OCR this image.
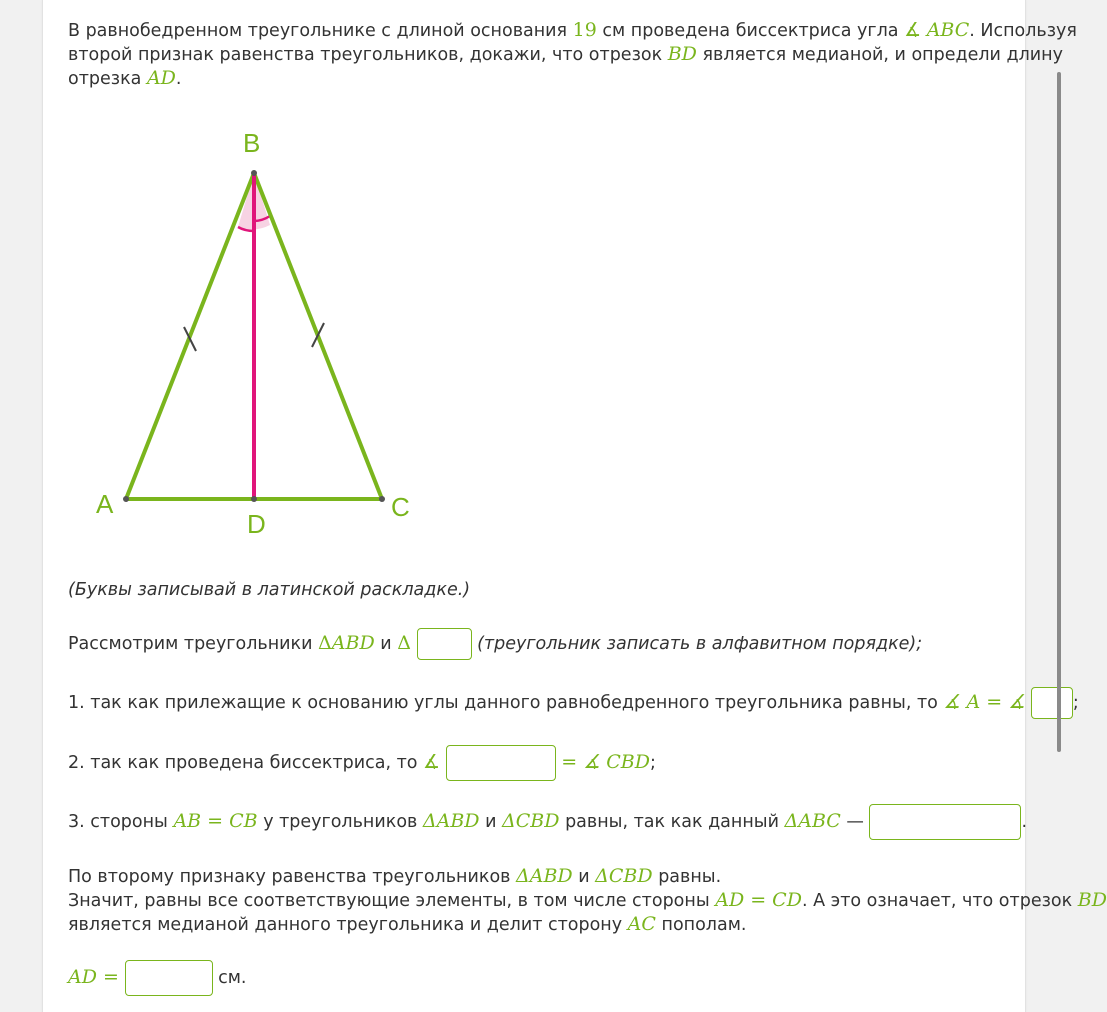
В равнобедренном треугольнике с длиной основания 19 см проведена биссектриса угла ∡ ABC. Используя
второй признак равенства треугольников, докажи, что отрезок BD является медианой, и определи длину
отрезка AD.
B
A	C
D
(Буквы записывай в латинской раскладке.)
Рассмотрим треугольники ΔABD и Δ	(треугольник записать в алфавитном порядке);
1. так как прилежащие к основанию углы данного равнобедренного треугольника равны, то ∡ A = ∡	;
2. так как проведена биссектриса, то ∡	= ∡ CBD;
3. стороны AB = CB у треугольников ΔABD и ΔCBD равны, так как данный ΔABC —	.
По второму признаку равенства треугольников ΔABD и ΔCBD равны.
Значит, равны все соответствующие элементы, в том числе стороны AD = CD. А это означает, что отрезок BD
является медианой данного треугольника и делит сторону AC пополам.
AD =	см.
